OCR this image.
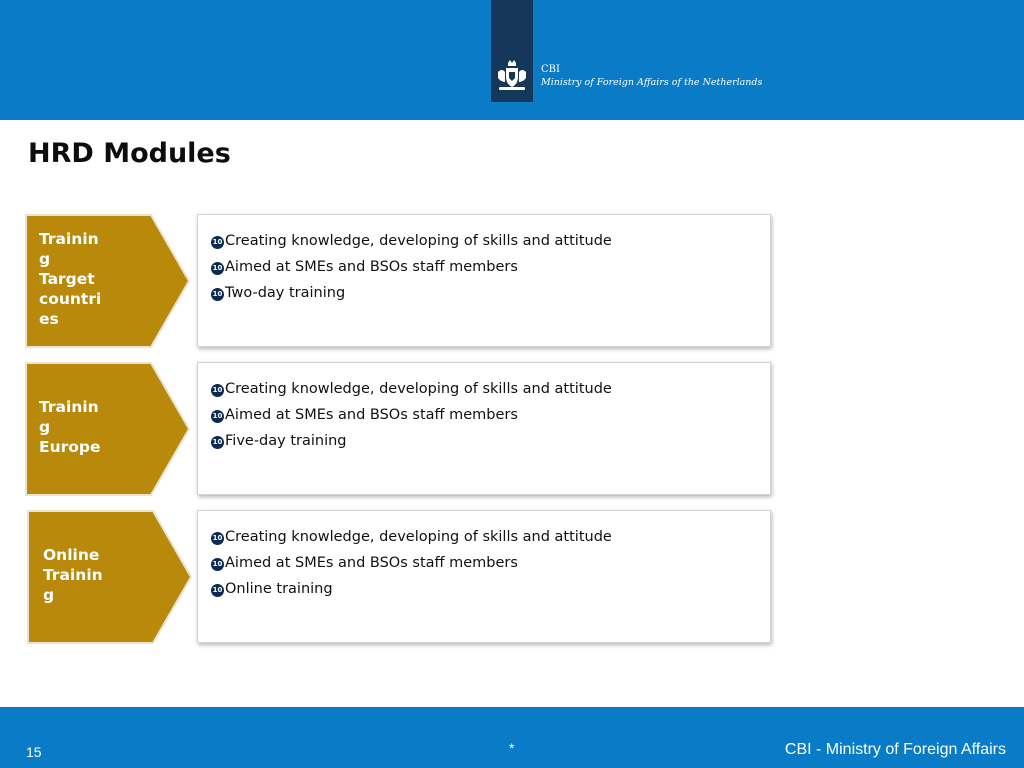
CBI
Ministry of Foreign Affairs of the Netherlands
HRD Modules
Trainin
g
Target
countri
es
10 Creating knowledge, developing of skills and attitude
10 Aimed at SMEs and BSOs staff members
10 Two-day training
Trainin
g
Europe
10 Creating knowledge, developing of skills and attitude
10 Aimed at SMEs and BSOs staff members
10 Five-day training
Online
Trainin
g
10 Creating knowledge, developing of skills and attitude
10 Aimed at SMEs and BSOs staff members
10 Online training
15	*	CBI - Ministry of Foreign Affairs
